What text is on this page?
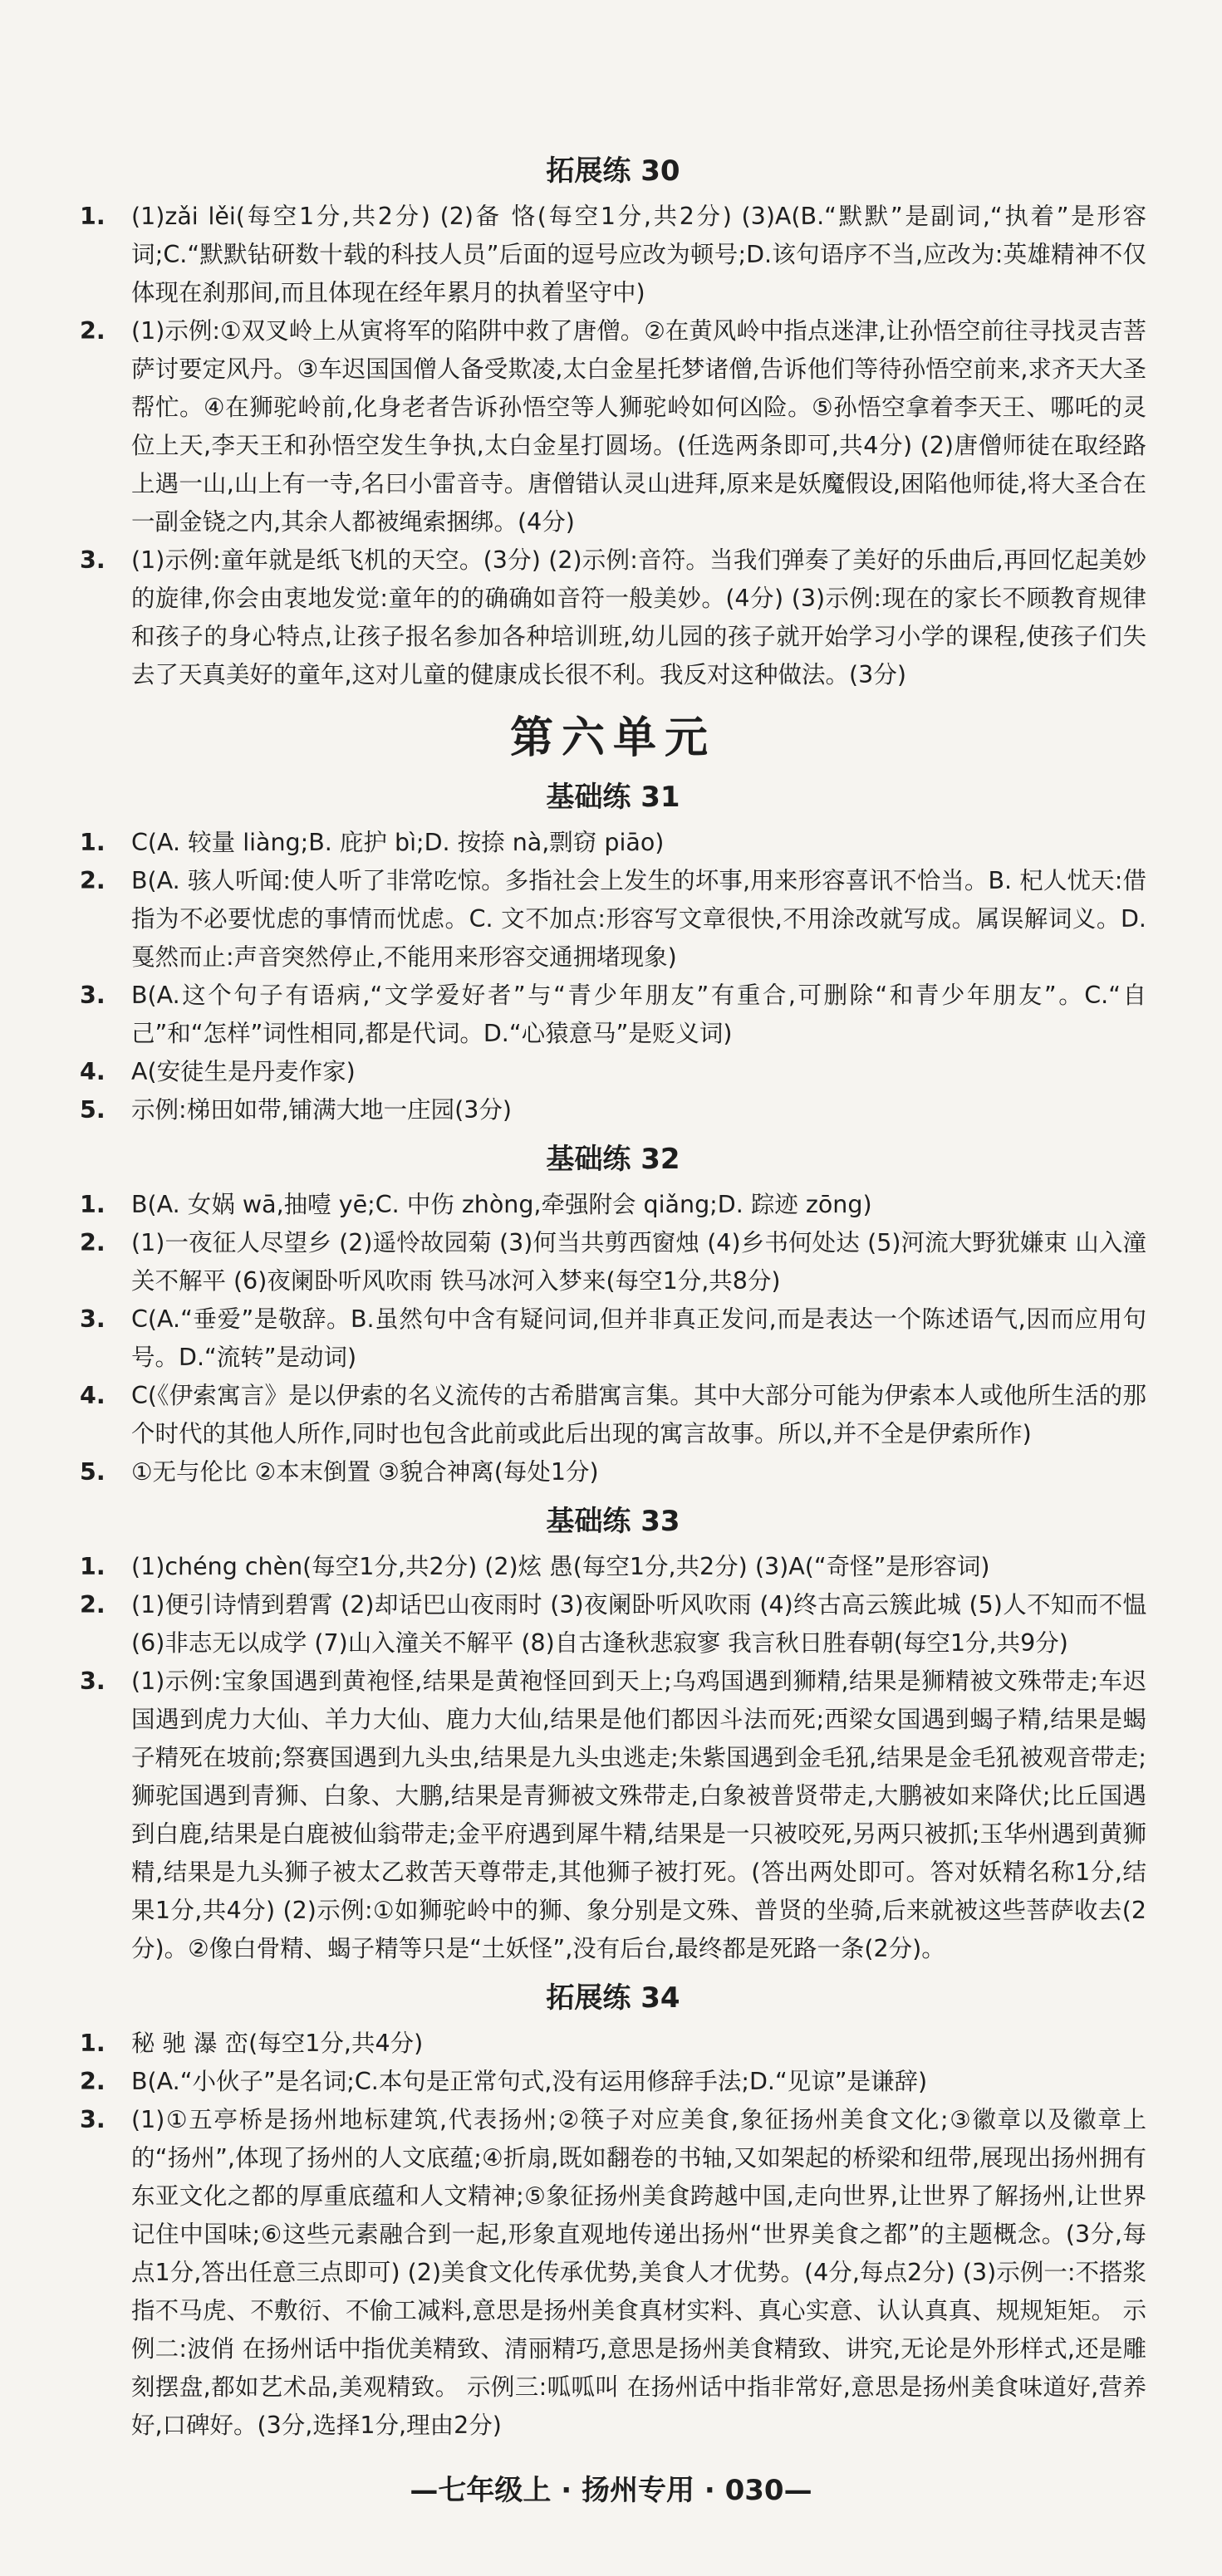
拓展练 30
1.	(1)zǎi lěi(每空1分,共2分) (2)备 恪(每空1分,共2分) (3)A(B.“默默”是副词,“执着”是形容词;C.“默默钻研数十载的科技人员”后面的逗号应改为顿号;D.该句语序不当,应改为:英雄精神不仅体现在刹那间,而且体现在经年累月的执着坚守中)
2.	(1)示例:①双叉岭上从寅将军的陷阱中救了唐僧。②在黄风岭中指点迷津,让孙悟空前往寻找灵吉菩萨讨要定风丹。③车迟国国僧人备受欺凌,太白金星托梦诸僧,告诉他们等待孙悟空前来,求齐天大圣帮忙。④在狮驼岭前,化身老者告诉孙悟空等人狮驼岭如何凶险。⑤孙悟空拿着李天王、哪吒的灵位上天,李天王和孙悟空发生争执,太白金星打圆场。(任选两条即可,共4分) (2)唐僧师徒在取经路上遇一山,山上有一寺,名曰小雷音寺。唐僧错认灵山进拜,原来是妖魔假设,困陷他师徒,将大圣合在一副金铙之内,其余人都被绳索捆绑。(4分)
3.	(1)示例:童年就是纸飞机的天空。(3分) (2)示例:音符。当我们弹奏了美好的乐曲后,再回忆起美妙的旋律,你会由衷地发觉:童年的的确确如音符一般美妙。(4分) (3)示例:现在的家长不顾教育规律和孩子的身心特点,让孩子报名参加各种培训班,幼儿园的孩子就开始学习小学的课程,使孩子们失去了天真美好的童年,这对儿童的健康成长很不利。我反对这种做法。(3分)
第六单元
基础练 31
1.	C(A. 较量 liàng;B. 庇护 bì;D. 按捺 nà,剽窃 piāo)
2.	B(A. 骇人听闻:使人听了非常吃惊。多指社会上发生的坏事,用来形容喜讯不恰当。B. 杞人忧天:借指为不必要忧虑的事情而忧虑。C. 文不加点:形容写文章很快,不用涂改就写成。属误解词义。D. 戛然而止:声音突然停止,不能用来形容交通拥堵现象)
3.	B(A.这个句子有语病,“文学爱好者”与“青少年朋友”有重合,可删除“和青少年朋友”。C.“自己”和“怎样”词性相同,都是代词。D.“心猿意马”是贬义词)
4.	A(安徒生是丹麦作家)
5.	示例:梯田如带,铺满大地一庄园(3分)
基础练 32
1.	B(A. 女娲 wā,抽噎 yē;C. 中伤 zhòng,牵强附会 qiǎng;D. 踪迹 zōng)
2.	(1)一夜征人尽望乡 (2)遥怜故园菊 (3)何当共剪西窗烛 (4)乡书何处达 (5)河流大野犹嫌束 山入潼关不解平 (6)夜阑卧听风吹雨 铁马冰河入梦来(每空1分,共8分)
3.	C(A.“垂爱”是敬辞。B.虽然句中含有疑问词,但并非真正发问,而是表达一个陈述语气,因而应用句号。D.“流转”是动词)
4.	C(《伊索寓言》是以伊索的名义流传的古希腊寓言集。其中大部分可能为伊索本人或他所生活的那个时代的其他人所作,同时也包含此前或此后出现的寓言故事。所以,并不全是伊索所作)
5.	①无与伦比 ②本末倒置 ③貌合神离(每处1分)
基础练 33
1.	(1)chéng chèn(每空1分,共2分) (2)炫 愚(每空1分,共2分) (3)A(“奇怪”是形容词)
2.	(1)便引诗情到碧霄 (2)却话巴山夜雨时 (3)夜阑卧听风吹雨 (4)终古高云簇此城 (5)人不知而不愠 (6)非志无以成学 (7)山入潼关不解平 (8)自古逢秋悲寂寥 我言秋日胜春朝(每空1分,共9分)
3.	(1)示例:宝象国遇到黄袍怪,结果是黄袍怪回到天上;乌鸡国遇到狮精,结果是狮精被文殊带走;车迟国遇到虎力大仙、羊力大仙、鹿力大仙,结果是他们都因斗法而死;西梁女国遇到蝎子精,结果是蝎子精死在坡前;祭赛国遇到九头虫,结果是九头虫逃走;朱紫国遇到金毛犼,结果是金毛犼被观音带走;狮驼国遇到青狮、白象、大鹏,结果是青狮被文殊带走,白象被普贤带走,大鹏被如来降伏;比丘国遇到白鹿,结果是白鹿被仙翁带走;金平府遇到犀牛精,结果是一只被咬死,另两只被抓;玉华州遇到黄狮精,结果是九头狮子被太乙救苦天尊带走,其他狮子被打死。(答出两处即可。答对妖精名称1分,结果1分,共4分) (2)示例:①如狮驼岭中的狮、象分别是文殊、普贤的坐骑,后来就被这些菩萨收去(2分)。②像白骨精、蝎子精等只是“土妖怪”,没有后台,最终都是死路一条(2分)。
拓展练 34
1.	秘 驰 瀑 峦(每空1分,共4分)
2.	B(A.“小伙子”是名词;C.本句是正常句式,没有运用修辞手法;D.“见谅”是谦辞)
3.	(1)①五亭桥是扬州地标建筑,代表扬州;②筷子对应美食,象征扬州美食文化;③徽章以及徽章上的“扬州”,体现了扬州的人文底蕴;④折扇,既如翻卷的书轴,又如架起的桥梁和纽带,展现出扬州拥有东亚文化之都的厚重底蕴和人文精神;⑤象征扬州美食跨越中国,走向世界,让世界了解扬州,让世界记住中国味;⑥这些元素融合到一起,形象直观地传递出扬州“世界美食之都”的主题概念。(3分,每点1分,答出任意三点即可) (2)美食文化传承优势,美食人才优势。(4分,每点2分) (3)示例一:不搭浆 指不马虎、不敷衍、不偷工减料,意思是扬州美食真材实料、真心实意、认认真真、规规矩矩。 示例二:波俏 在扬州话中指优美精致、清丽精巧,意思是扬州美食精致、讲究,无论是外形样式,还是雕刻摆盘,都如艺术品,美观精致。 示例三:呱呱叫 在扬州话中指非常好,意思是扬州美食味道好,营养好,口碑好。(3分,选择1分,理由2分)
—七年级上 · 扬州专用 · 030—
